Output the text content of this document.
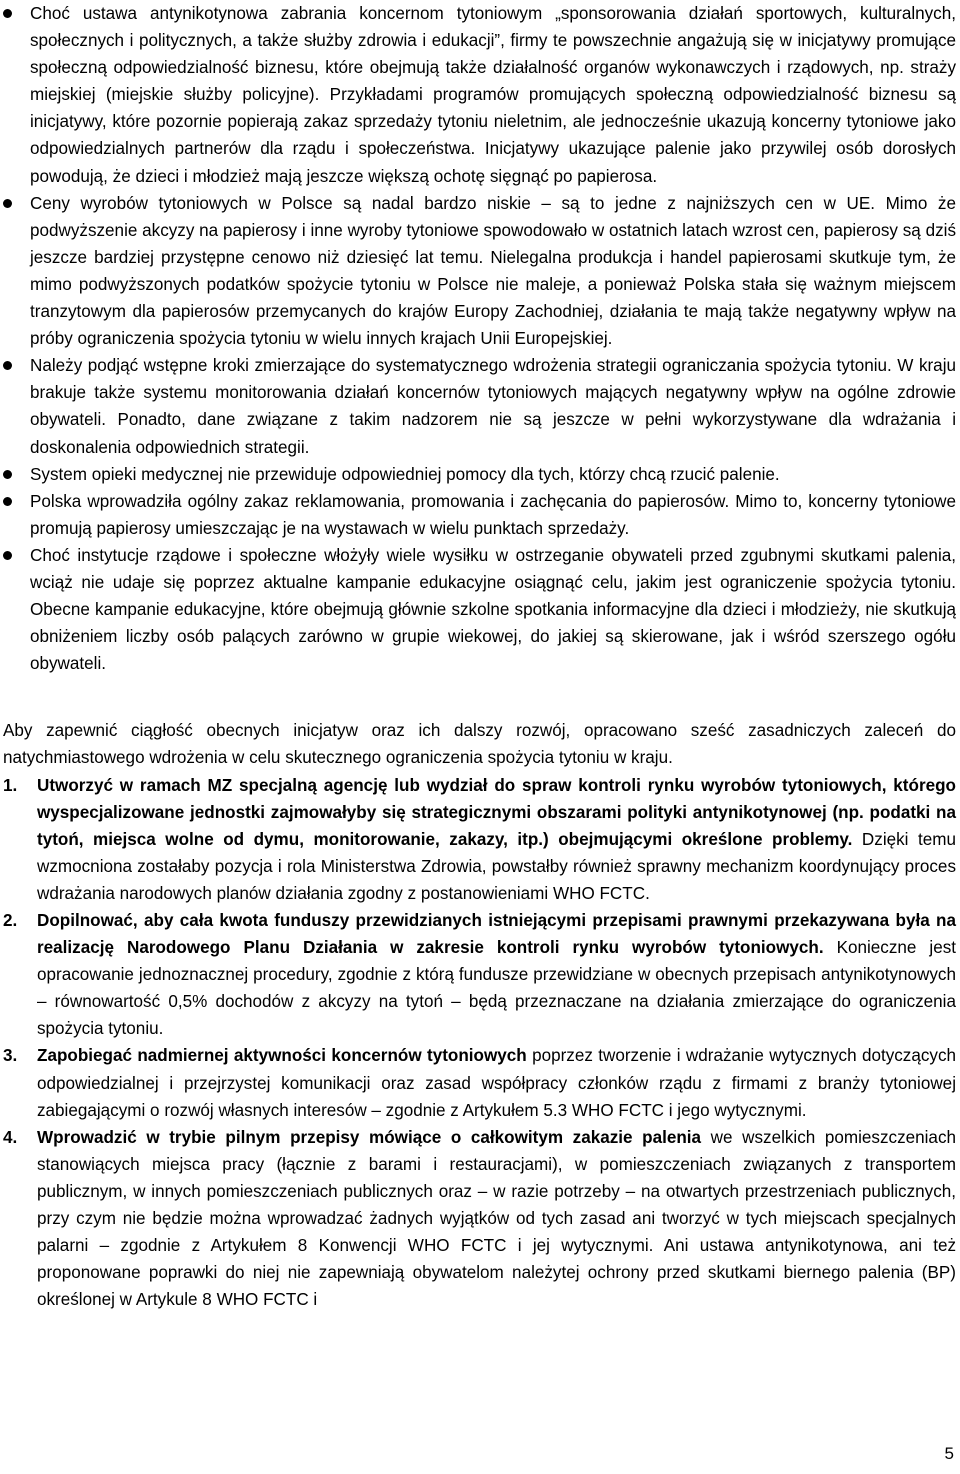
Choć ustawa antynikotynowa zabrania koncernom tytoniowym „sponsorowania działań sportowych, kulturalnych, społecznych i politycznych, a także służby zdrowia i edukacji”, firmy te powszechnie angażują się w inicjatywy promujące społeczną odpowiedzialność biznesu, które obejmują także działalność organów wykonawczych i rządowych, np. straży miejskiej (miejskie służby policyjne). Przykładami programów promujących społeczną odpowiedzialność biznesu są inicjatywy, które pozornie popierają zakaz sprzedaży tytoniu nieletnim, ale jednocześnie ukazują koncerny tytoniowe jako odpowiedzialnych partnerów dla rządu i społeczeństwa. Inicjatywy ukazujące palenie jako przywilej osób dorosłych powodują, że dzieci i młodzież mają jeszcze większą ochotę sięgnąć po papierosa.
Ceny wyrobów tytoniowych w Polsce są nadal bardzo niskie – są to jedne z najniższych cen w UE. Mimo że podwyższenie akcyzy na papierosy i inne wyroby tytoniowe spowodowało w ostatnich latach wzrost cen, papierosy są dziś jeszcze bardziej przystępne cenowo niż dziesięć lat temu. Nielegalna produkcja i handel papierosami skutkuje tym, że mimo podwyższonych podatków spożycie tytoniu w Polsce nie maleje, a ponieważ Polska stała się ważnym miejscem tranzytowym dla papierosów przemycanych do krajów Europy Zachodniej, działania te mają także negatywny wpływ na próby ograniczenia spożycia tytoniu w wielu innych krajach Unii Europejskiej.
Należy podjąć wstępne kroki zmierzające do systematycznego wdrożenia strategii ograniczania spożycia tytoniu. W kraju brakuje także systemu monitorowania działań koncernów tytoniowych mających negatywny wpływ na ogólne zdrowie obywateli. Ponadto, dane związane z takim nadzorem nie są jeszcze w pełni wykorzystywane dla wdrażania i doskonalenia odpowiednich strategii.
System opieki medycznej nie przewiduje odpowiedniej pomocy dla tych, którzy chcą rzucić palenie.
Polska wprowadziła ogólny zakaz reklamowania, promowania i zachęcania do papierosów. Mimo to, koncerny tytoniowe promują papierosy umieszczając je na wystawach w wielu punktach sprzedaży.
Choć instytucje rządowe i społeczne włożyły wiele wysiłku w ostrzeganie obywateli przed zgubnymi skutkami palenia, wciąż nie udaje się poprzez aktualne kampanie edukacyjne osiągnąć celu, jakim jest ograniczenie spożycia tytoniu. Obecne kampanie edukacyjne, które obejmują głównie szkolne spotkania informacyjne dla dzieci i młodzieży, nie skutkują obniżeniem liczby osób palących zarówno w grupie wiekowej, do jakiej są skierowane, jak i wśród szerszego ogółu obywateli.

Aby zapewnić ciągłość obecnych inicjatyw oraz ich dalszy rozwój, opracowano sześć zasadniczych zaleceń do natychmiastowego wdrożenia w celu skutecznego ograniczenia spożycia tytoniu w kraju.

1. Utworzyć w ramach MZ specjalną agencję lub wydział do spraw kontroli rynku wyrobów tytoniowych, którego wyspecjalizowane jednostki zajmowałyby się strategicznymi obszarami polityki antynikotynowej (np. podatki na tytoń, miejsca wolne od dymu, monitorowanie, zakazy, itp.) obejmującymi określone problemy. Dzięki temu wzmocniona zostałaby pozycja i rola Ministerstwa Zdrowia, powstałby również sprawny mechanizm koordynujący proces wdrażania narodowych planów działania zgodny z postanowieniami WHO FCTC.
2. Dopilnować, aby cała kwota funduszy przewidzianych istniejącymi przepisami prawnymi przekazywana była na realizację Narodowego Planu Działania w zakresie kontroli rynku wyrobów tytoniowych. Konieczne jest opracowanie jednoznacznej procedury, zgodnie z którą fundusze przewidziane w obecnych przepisach antynikotynowych – równowartość 0,5% dochodów z akcyzy na tytoń – będą przeznaczane na działania zmierzające do ograniczenia spożycia tytoniu.
3. Zapobiegać nadmiernej aktywności koncernów tytoniowych poprzez tworzenie i wdrażanie wytycznych dotyczących odpowiedzialnej i przejrzystej komunikacji oraz zasad współpracy członków rządu z firmami z branży tytoniowej zabiegającymi o rozwój własnych interesów – zgodnie z Artykułem 5.3 WHO FCTC i jego wytycznymi.
4. Wprowadzić w trybie pilnym przepisy mówiące o całkowitym zakazie palenia we wszelkich pomieszczeniach stanowiących miejsca pracy (łącznie z barami i restauracjami), w pomieszczeniach związanych z transportem publicznym, w innych pomieszczeniach publicznych oraz – w razie potrzeby – na otwartych przestrzeniach publicznych, przy czym nie będzie można wprowadzać żadnych wyjątków od tych zasad ani tworzyć w tych miejscach specjalnych palarni – zgodnie z Artykułem 8 Konwencji WHO FCTC i jej wytycznymi. Ani ustawa antynikotynowa, ani też proponowane poprawki do niej nie zapewniają obywatelom należytej ochrony przed skutkami biernego palenia (BP) określonej w Artykule 8 WHO FCTC i
5
